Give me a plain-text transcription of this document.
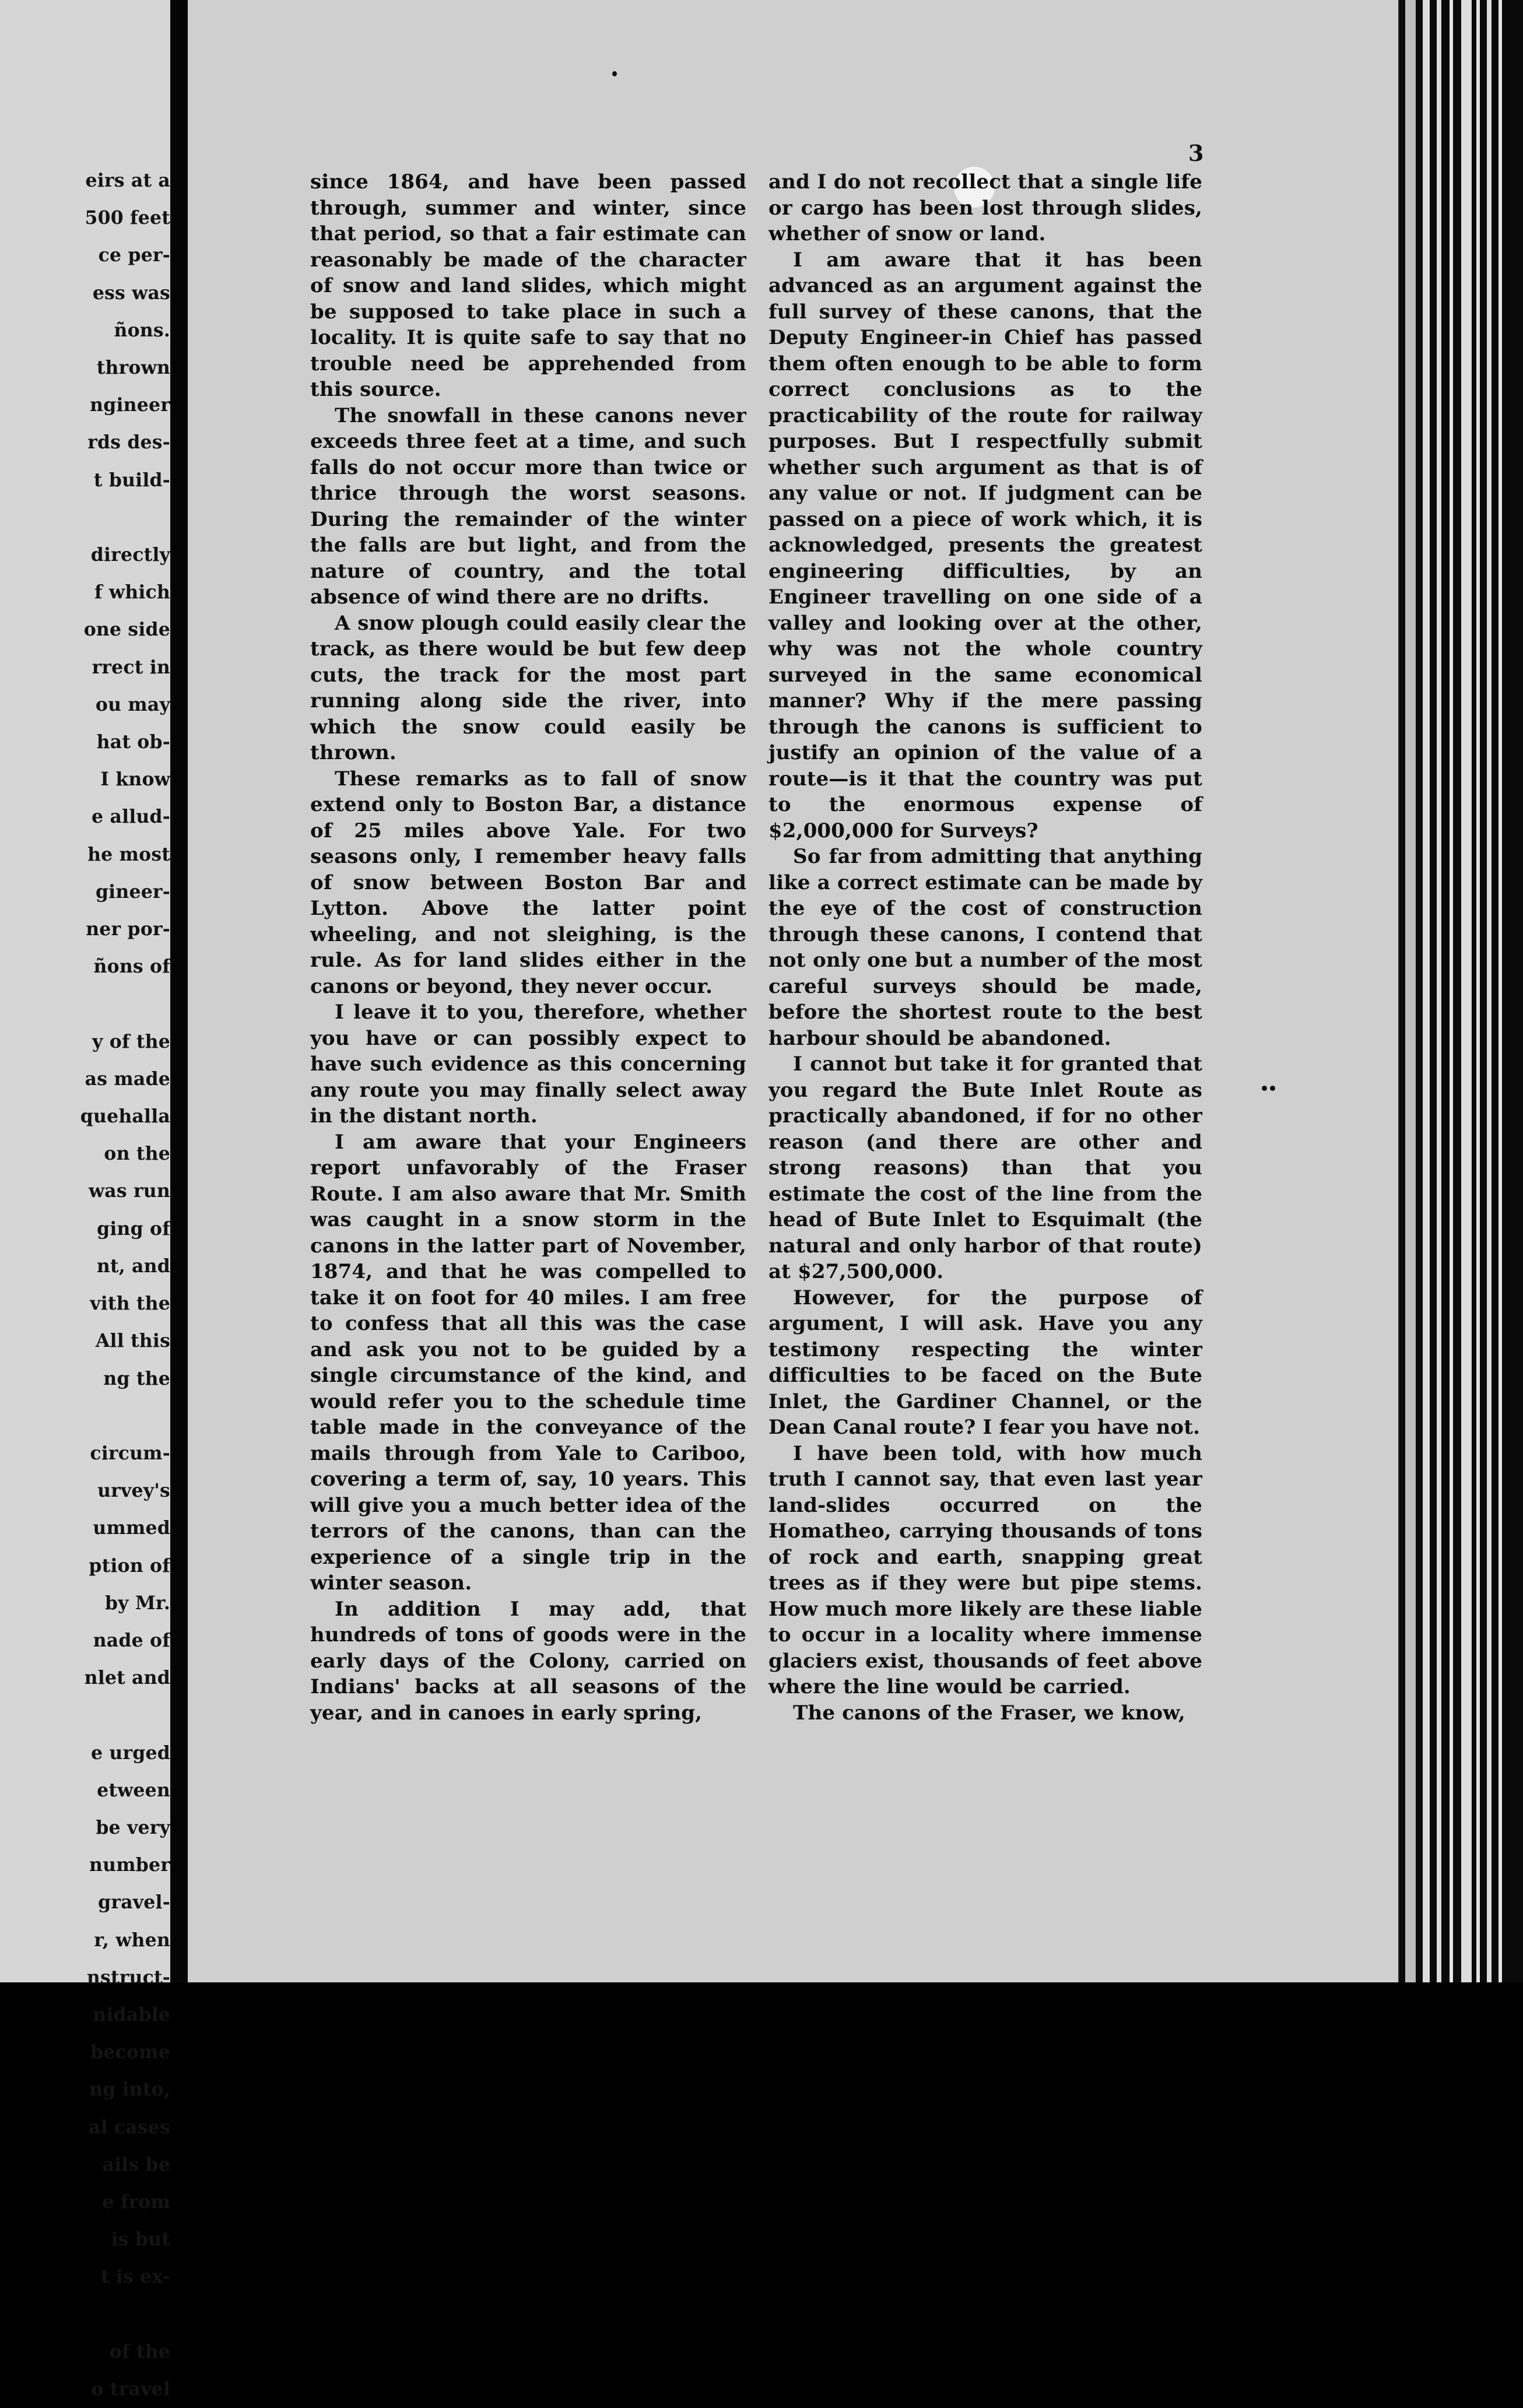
eirs at a
500 feet
ce per-
ess was
ñons.
thrown
ngineer
rds des-
t build-

directly
f which
one side
rrect in
ou may
hat ob-
I know
e allud-
he most
gineer-
ner por-
ñons of

y of the
as made
quehalla
on the
was run
ging of
nt, and
vith the
All this
ng the

circum-
urvey's
ummed
ption of
by Mr.
nade of
nlet and

e urged
etween
be very
number
gravel-
r, when
nstruct-
nidable
become
ng into,
al cases
ails be
e from
is but
t is ex-

of the
o travel
3

since 1864, and have been passed through, summer and winter, since that period, so that a fair estimate can reasonably be made of the character of snow and land slides, which might be supposed to take place in such a locality. It is quite safe to say that no trouble need be apprehended from this source.

The snowfall in these canons never exceeds three feet at a time, and such falls do not occur more than twice or thrice through the worst seasons. During the remainder of the winter the falls are but light, and from the nature of country, and the total absence of wind there are no drifts.

A snow plough could easily clear the track, as there would be but few deep cuts, the track for the most part running along side the river, into which the snow could easily be thrown.

These remarks as to fall of snow extend only to Boston Bar, a distance of 25 miles above Yale. For two seasons only, I remember heavy falls of snow between Boston Bar and Lytton. Above the latter point wheeling, and not sleighing, is the rule. As for land slides either in the canons or beyond, they never occur.

I leave it to you, therefore, whether you have or can possibly expect to have such evidence as this concerning any route you may finally select away in the distant north.

I am aware that your Engineers report unfavorably of the Fraser Route. I am also aware that Mr. Smith was caught in a snow storm in the canons in the latter part of November, 1874, and that he was compelled to take it on foot for 40 miles. I am free to confess that all this was the case and ask you not to be guided by a single circumstance of the kind, and would refer you to the schedule time table made in the conveyance of the mails through from Yale to Cariboo, covering a term of, say, 10 years. This will give you a much better idea of the terrors of the canons, than can the experience of a single trip in the winter season.

In addition I may add, that hundreds of tons of goods were in the early days of the Colony, carried on Indians' backs at all seasons of the year, and in canoes in early spring,

and I do not recollect that a single life or cargo has been lost through slides, whether of snow or land.

I am aware that it has been advanced as an argument against the full survey of these canons, that the Deputy Engineer-in Chief has passed them often enough to be able to form correct conclusions as to the practicability of the route for railway purposes. But I respectfully submit whether such argument as that is of any value or not. If judgment can be passed on a piece of work which, it is acknowledged, presents the greatest engineering difficulties, by an Engineer travelling on one side of a valley and looking over at the other, why was not the whole country surveyed in the same economical manner? Why if the mere passing through the canons is sufficient to justify an opinion of the value of a route—is it that the country was put to the enormous expense of $2,000,000 for Surveys?

So far from admitting that anything like a correct estimate can be made by the eye of the cost of construction through these canons, I contend that not only one but a number of the most careful surveys should be made, before the shortest route to the best harbour should be abandoned.

I cannot but take it for granted that you regard the Bute Inlet Route as practically abandoned, if for no other reason (and there are other and strong reasons) than that you estimate the cost of the line from the head of Bute Inlet to Esquimalt (the natural and only harbor of that route) at $27,500,000.

However, for the purpose of argument, I will ask. Have you any testimony respecting the winter difficulties to be faced on the Bute Inlet, the Gardiner Channel, or the Dean Canal route? I fear you have not.

I have been told, with how much truth I cannot say, that even last year land-slides occurred on the Homatheo, carrying thousands of tons of rock and earth, snapping great trees as if they were but pipe stems. How much more likely are these liable to occur in a locality where immense glaciers exist, thousands of feet above where the line would be carried.

The canons of the Fraser, we know,
